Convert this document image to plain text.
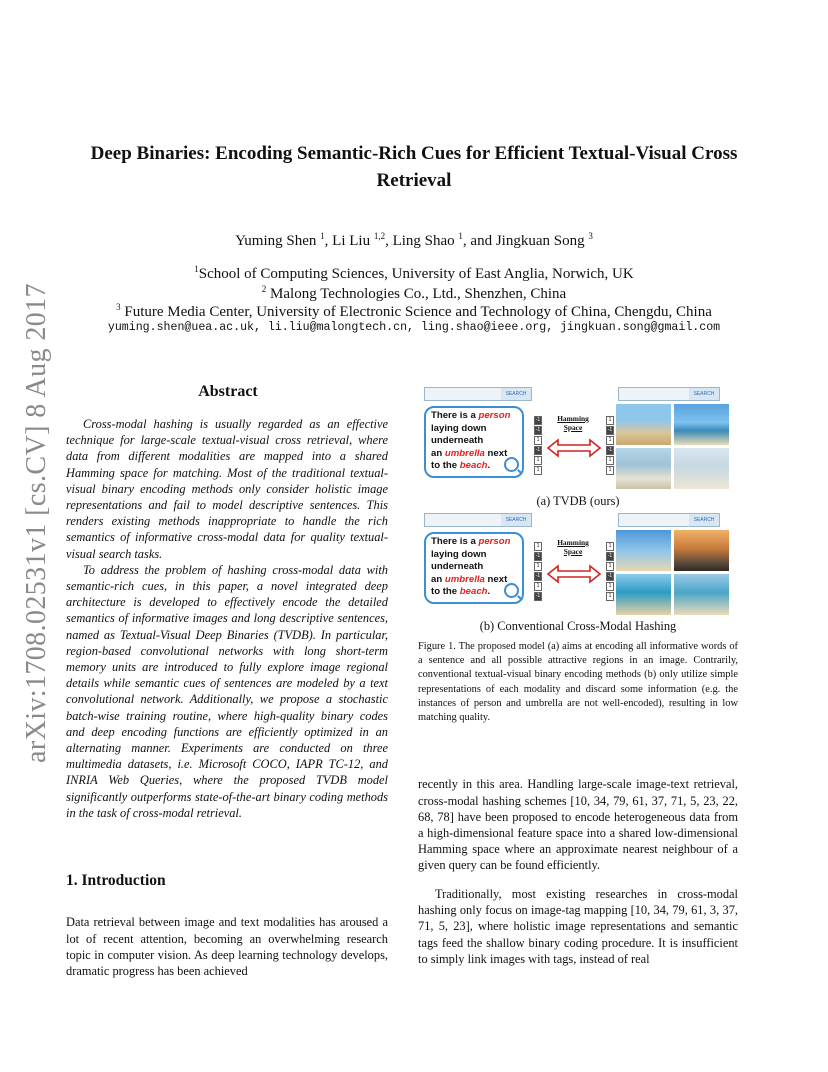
arXiv:1708.02531v1 [cs.CV] 8 Aug 2017
Deep Binaries: Encoding Semantic-Rich Cues for Efficient Textual-Visual Cross
Retrieval
Yuming Shen $^1$, Li Liu $^{1,2}$, Ling Shao $^1$, and Jingkuan Song $^3$
$^1$School of Computing Sciences, University of East Anglia, Norwich, UK
$^2$ Malong Technologies Co., Ltd., Shenzhen, China
$^3$ Future Media Center, University of Electronic Science and Technology of China, Chengdu, China
yuming.shen@uea.ac.uk, li.liu@malongtech.cn, ling.shao@ieee.org, jingkuan.song@gmail.com
Abstract

Cross-modal hashing is usually regarded as an effective technique for large-scale textual-visual cross retrieval, where data from different modalities are mapped into a shared Hamming space for matching. Most of the traditional textual-visual binary encoding methods only consider holistic image representations and fail to model descriptive sentences. This renders existing methods inappropriate to handle the rich semantics of informative cross-modal data for quality textual-visual search tasks.

To address the problem of hashing cross-modal data with semantic-rich cues, in this paper, a novel integrated deep architecture is developed to effectively encode the detailed semantics of informative images and long descriptive sentences, named as Textual-Visual Deep Binaries (TVDB). In particular, region-based convolutional networks with long short-term memory units are introduced to fully explore image regional details while semantic cues of sentences are modeled by a text convolutional network. Additionally, we propose a stochastic batch-wise training routine, where high-quality binary codes and deep encoding functions are efficiently optimized in an alternating manner. Experiments are conducted on three multimedia datasets, i.e. Microsoft COCO, IAPR TC-12, and INRIA Web Queries, where the proposed TVDB model significantly outperforms state-of-the-art binary coding methods in the task of cross-modal retrieval.

1. Introduction

Data retrieval between image and text modalities has aroused a lot of recent attention, becoming an overwhelming research topic in computer vision. As deep learning technology develops, dramatic progress has been achieved

SEARCH	SEARCH
There is a person
laying down
underneath
an umbrella next
to the beach.
-1
-1
1
-1
1
1
Hamming
Space
1
-1
1
-1
1
1
(a) TVDB (ours)
SEARCH	SEARCH
There is a person
laying down
underneath
an umbrella next
to the beach.
1
-1
1
-1
1
-1
Hamming
Space
1
-1
1
-1
1
1
(b) Conventional Cross-Modal Hashing
Figure 1. The proposed model (a) aims at encoding all informative words of a sentence and all possible attractive regions in an image. Contrarily, conventional textual-visual binary encoding methods (b) only utilize simple representations of each modality and discard some information (e.g. the instances of person and umbrella are not well-encoded), resulting in low matching quality.

recently in this area. Handling large-scale image-text retrieval, cross-modal hashing schemes [10, 34, 79, 61, 37, 71, 5, 23, 22, 68, 78] have been proposed to encode heterogeneous data from a high-dimensional feature space into a shared low-dimensional Hamming space where an approximate nearest neighbour of a given query can be found efficiently.

Traditionally, most existing researches in cross-modal hashing only focus on image-tag mapping [10, 34, 79, 61, 3, 37, 71, 5, 23], where holistic image representations and semantic tags feed the shallow binary coding procedure. It is insufficient to simply link images with tags, instead of real
